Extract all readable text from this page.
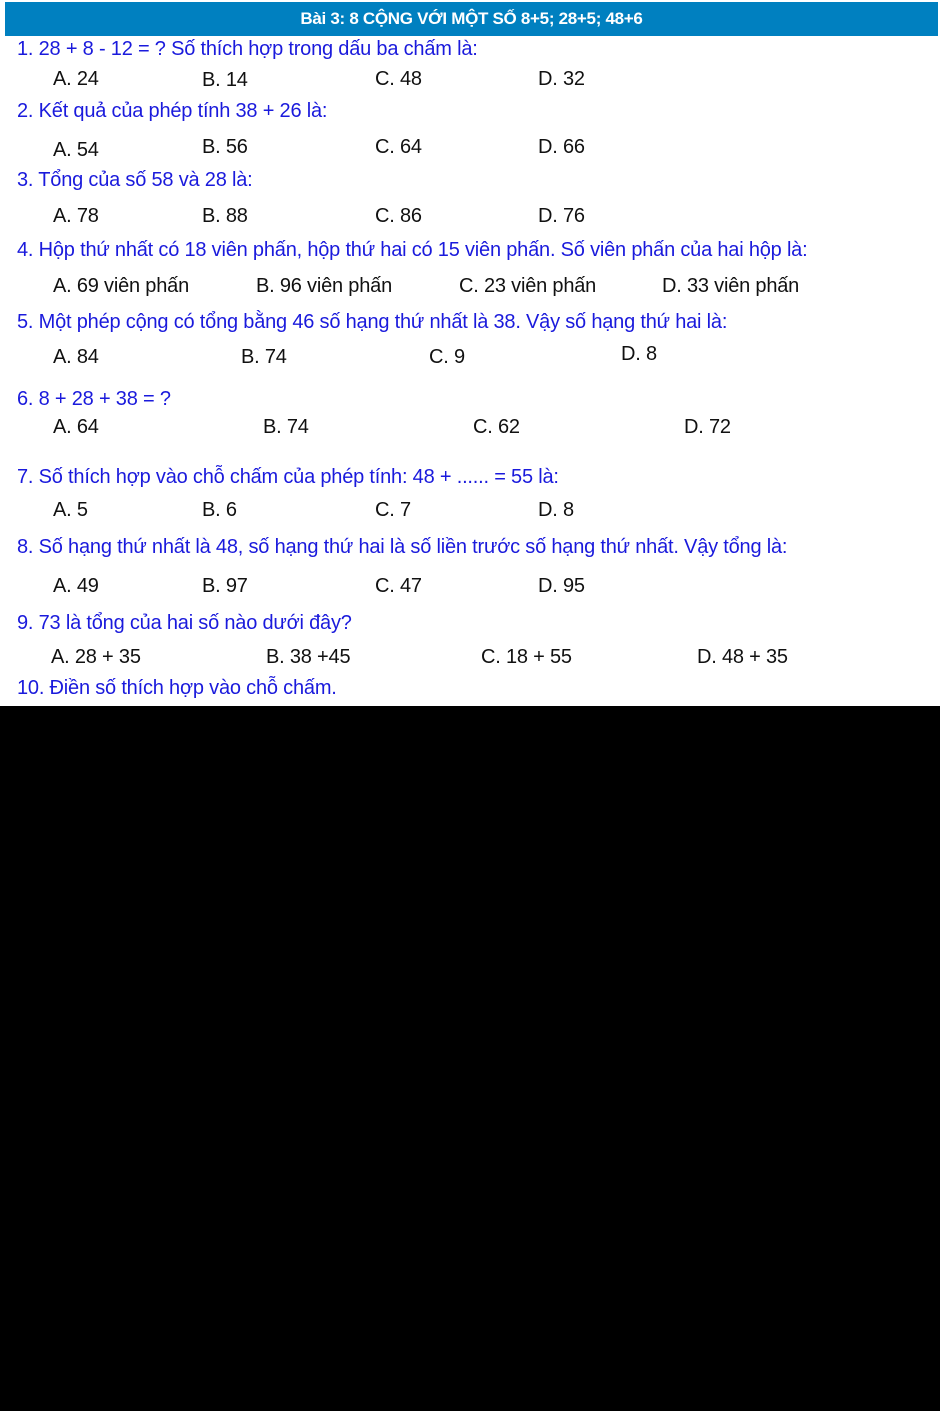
Bài 3: 8 CỘNG VỚI MỘT SỐ 8+5; 28+5; 48+6
1. 28 + 8 - 12 = ? Số thích hợp trong dấu ba chấm là:
A. 24	B. 14	C. 48	D. 32
2. Kết quả của phép tính 38 + 26 là:
A. 54	B. 56	C. 64	D. 66
3. Tổng của số 58 và 28 là:
A. 78	B. 88	C. 86	D. 76
4. Hộp thứ nhất có 18 viên phấn, hộp thứ hai có 15 viên phấn. Số viên phấn của hai hộp là:
A. 69 viên phấn	B. 96 viên phấn	C. 23 viên phấn	D. 33 viên phấn
5. Một phép cộng có tổng bằng 46 số hạng thứ nhất là 38. Vậy số hạng thứ hai là:
A. 84	B. 74	C. 9	D. 8
6. 8 + 28 + 38 = ?
A. 64	B. 74	C. 62	D. 72
7. Số thích hợp vào chỗ chấm của phép tính: 48 + ...... = 55 là:
A. 5	B. 6	C. 7	D. 8
8. Số hạng thứ nhất là 48, số hạng thứ hai là số liền trước số hạng thứ nhất. Vậy tổng là:
A. 49	B. 97	C. 47	D. 95
9. 73 là tổng của hai số nào dưới đây?
A. 28 + 35	B. 38 +45	C. 18 + 55	D. 48 + 35
10. Điền số thích hợp vào chỗ chấm.
